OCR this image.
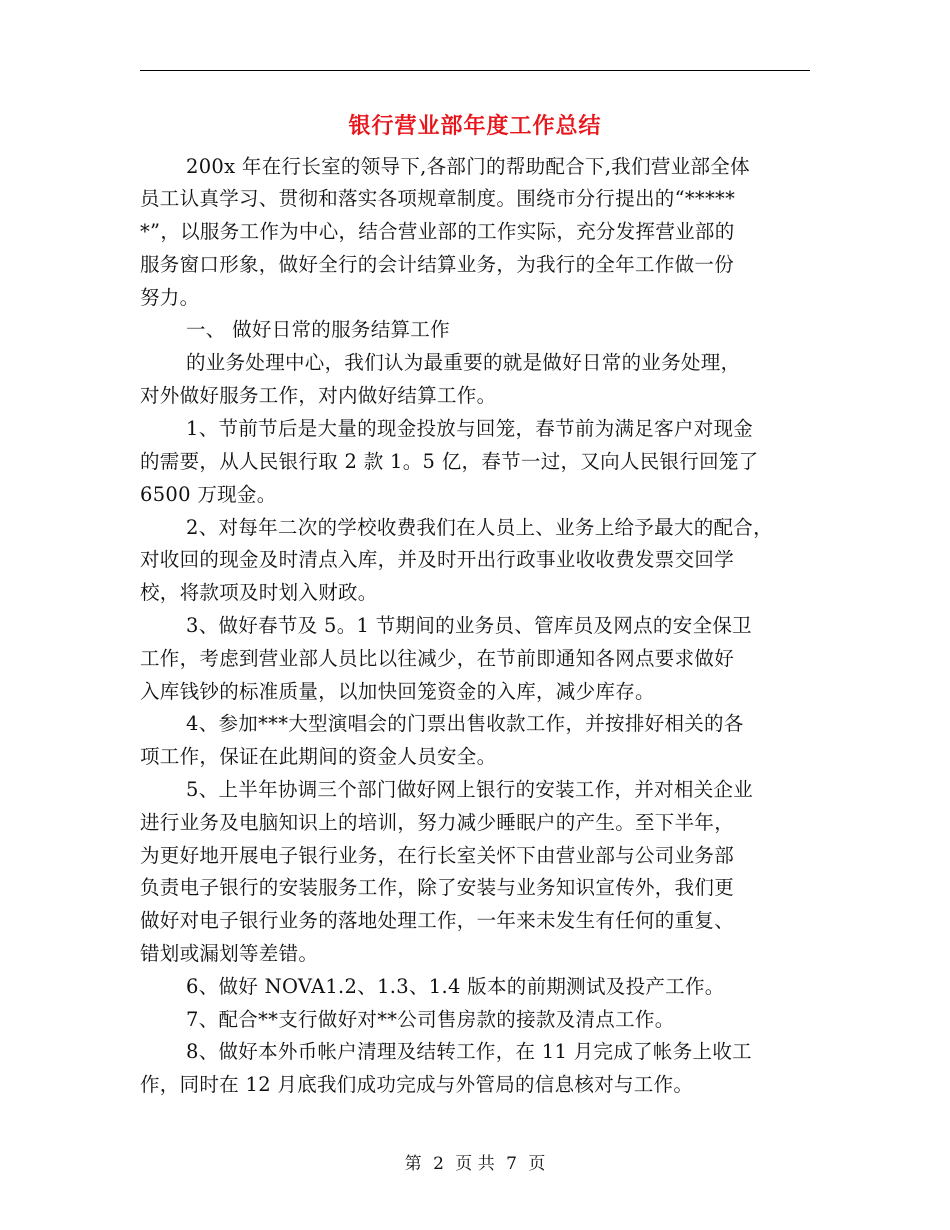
银行营业部年度工作总结
200x 年在行长室的领导下,各部门的帮助配合下,我们营业部全体
员工认真学习、贯彻和落实各项规章制度。围绕市分行提出的“*****
*”，以服务工作为中心，结合营业部的工作实际，充分发挥营业部的
服务窗口形象，做好全行的会计结算业务，为我行的全年工作做一份
努力。
一、 做好日常的服务结算工作
的业务处理中心，我们认为最重要的就是做好日常的业务处理，
对外做好服务工作，对内做好结算工作。
1、节前节后是大量的现金投放与回笼，春节前为满足客户对现金
的需要，从人民银行取 2 款 1。5 亿，春节一过，又向人民银行回笼了
6500 万现金。
2、对每年二次的学校收费我们在人员上、业务上给予最大的配合，
对收回的现金及时清点入库，并及时开出行政事业收收费发票交回学
校，将款项及时划入财政。
3、做好春节及 5。1 节期间的业务员、管库员及网点的安全保卫
工作，考虑到营业部人员比以往减少，在节前即通知各网点要求做好
入库钱钞的标准质量，以加快回笼资金的入库，减少库存。
4、参加***大型演唱会的门票出售收款工作，并按排好相关的各
项工作，保证在此期间的资金人员安全。
5、上半年协调三个部门做好网上银行的安装工作，并对相关企业
进行业务及电脑知识上的培训，努力减少睡眠户的产生。至下半年，
为更好地开展电子银行业务，在行长室关怀下由营业部与公司业务部
负责电子银行的安装服务工作，除了安装与业务知识宣传外，我们更
做好对电子银行业务的落地处理工作，一年来未发生有任何的重复、
错划或漏划等差错。
6、做好 NOVA1.2、1.3、1.4 版本的前期测试及投产工作。
7、配合**支行做好对**公司售房款的接款及清点工作。
8、做好本外币帐户清理及结转工作，在 11 月完成了帐务上收工
作，同时在 12 月底我们成功完成与外管局的信息核对与工作。
第 2 页 共 7 页
